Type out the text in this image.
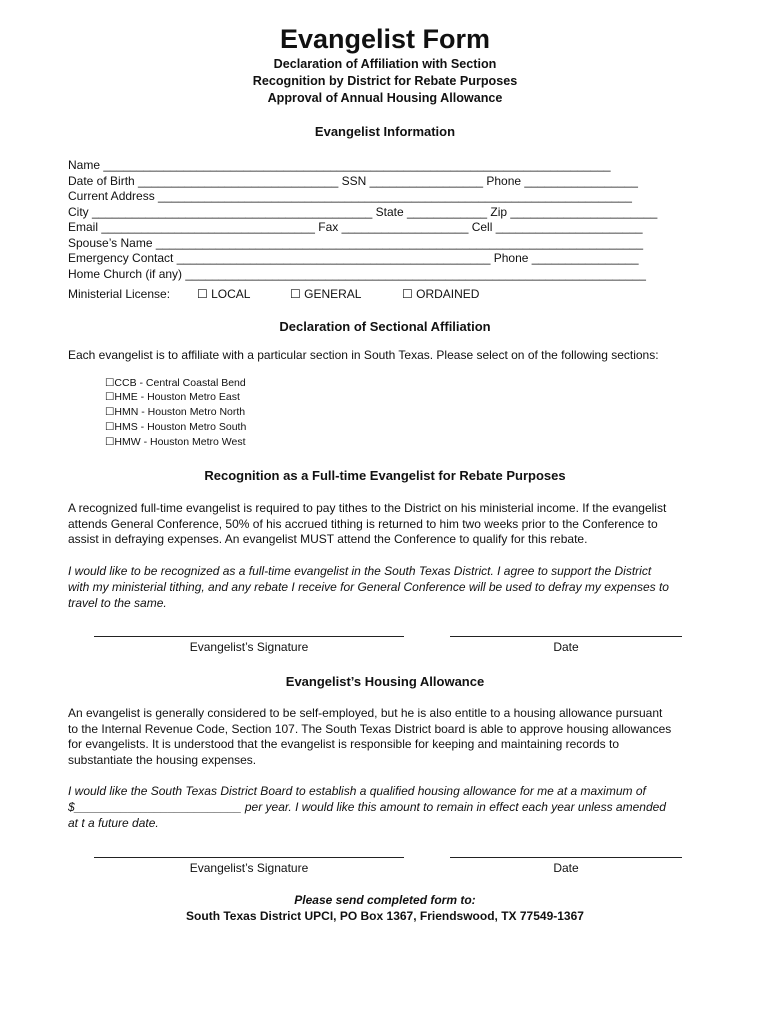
Evangelist Form
Declaration of Affiliation with Section
Recognition by District for Rebate Purposes
Approval of Annual Housing Allowance
Evangelist Information
Name ____________________________________________________________________________
Date of Birth ______________________________ SSN _________________ Phone _________________
Current Address _______________________________________________________________________
City __________________________________________ State ____________ Zip ______________________
Email ________________________________ Fax ___________________ Cell ______________________
Spouse’s Name _________________________________________________________________________
Emergency Contact _______________________________________________ Phone ________________
Home Church (if any) _____________________________________________________________________
Ministerial License: ☐ LOCAL	☐ GENERAL	☐ ORDAINED
Declaration of Sectional Affiliation
Each evangelist is to affiliate with a particular section in South Texas. Please select on of the following sections:
☐CCB - Central Coastal Bend
☐HME - Houston Metro East
☐HMN - Houston Metro North
☐HMS - Houston Metro South
☐HMW - Houston Metro West
Recognition as a Full-time Evangelist for Rebate Purposes
A recognized full-time evangelist is required to pay tithes to the District on his ministerial income. If the evangelist
attends General Conference, 50% of his accrued tithing is returned to him two weeks prior to the Conference to
assist in defraying expenses. An evangelist MUST attend the Conference to qualify for this rebate.
I would like to be recognized as a full-time evangelist in the South Texas District. I agree to support the District
with my ministerial tithing, and any rebate I receive for General Conference will be used to defray my expenses to
travel to the same.
Evangelist’s Signature	Date
Evangelist’s Housing Allowance
An evangelist is generally considered to be self-employed, but he is also entitle to a housing allowance pursuant
to the Internal Revenue Code, Section 107. The South Texas District board is able to approve housing allowances
for evangelists. It is understood that the evangelist is responsible for keeping and maintaining records to
substantiate the housing expenses.
I would like the South Texas District Board to establish a qualified housing allowance for me at a maximum of
$_________________________ per year. I would like this amount to remain in effect each year unless amended
at t a future date.
Evangelist’s Signature	Date
Please send completed form to:
South Texas District UPCI, PO Box 1367, Friendswood, TX 77549-1367
